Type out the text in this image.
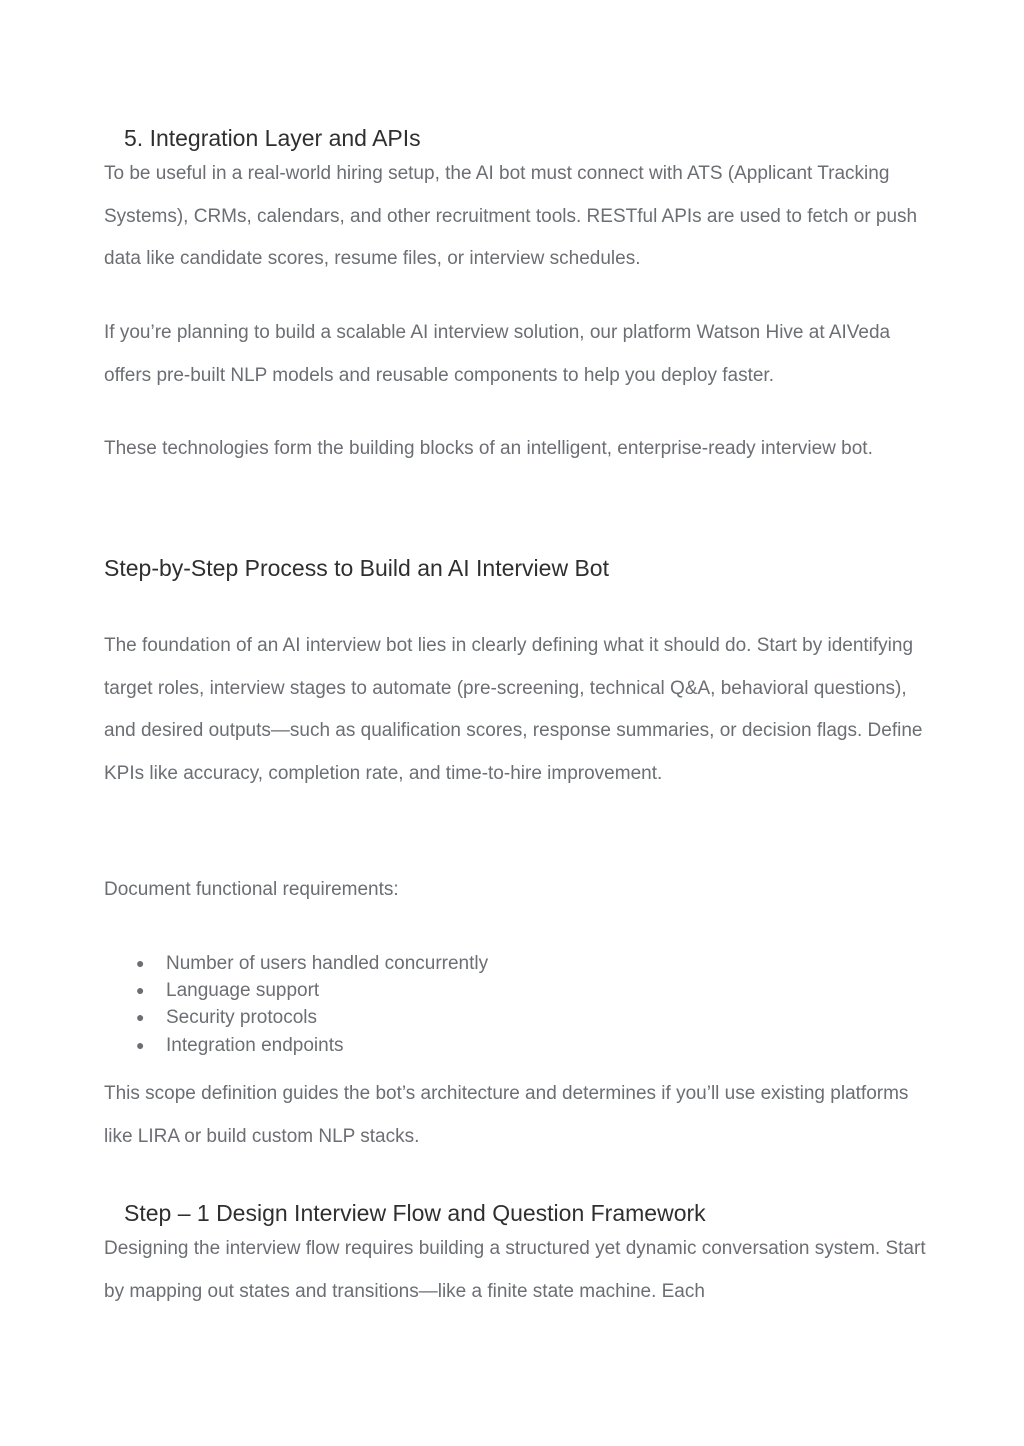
5. Integration Layer and APIs

To be useful in a real-world hiring setup, the AI bot must connect with ATS (Applicant Tracking Systems), CRMs, calendars, and other recruitment tools. RESTful APIs are used to fetch or push data like candidate scores, resume files, or interview schedules.

If you’re planning to build a scalable AI interview solution, our platform Watson Hive at AIVeda offers pre-built NLP models and reusable components to help you deploy faster.

These technologies form the building blocks of an intelligent, enterprise-ready interview bot.

Step-by-Step Process to Build an AI Interview Bot

The foundation of an AI interview bot lies in clearly defining what it should do. Start by identifying target roles, interview stages to automate (pre-screening, technical Q&A, behavioral questions), and desired outputs—such as qualification scores, response summaries, or decision flags. Define KPIs like accuracy, completion rate, and time-to-hire improvement.

Document functional requirements:

● Number of users handled concurrently
● Language support
● Security protocols
● Integration endpoints

This scope definition guides the bot’s architecture and determines if you’ll use existing platforms like LIRA or build custom NLP stacks.

Step – 1 Design Interview Flow and Question Framework

Designing the interview flow requires building a structured yet dynamic conversation system. Start by mapping out states and transitions—like a finite state machine. Each
